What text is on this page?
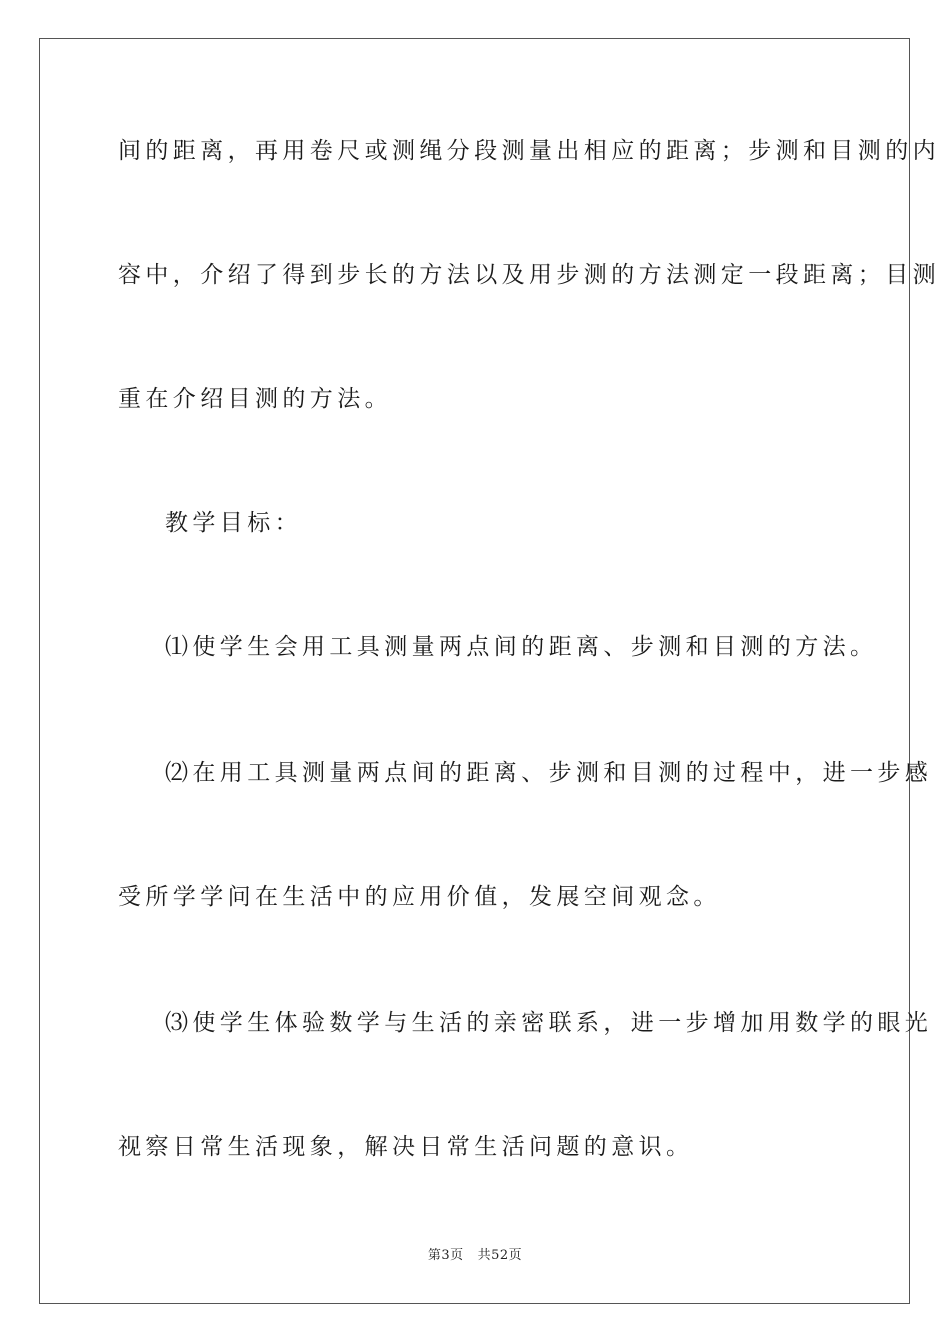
间的距离，再用卷尺或测绳分段测量出相应的距离；步测和目测的内
容中，介绍了得到步长的方法以及用步测的方法测定一段距离；目测
重在介绍目测的方法。
教学目标：
⑴使学生会用工具测量两点间的距离、步测和目测的方法。
⑵在用工具测量两点间的距离、步测和目测的过程中，进一步感
受所学学问在生活中的应用价值，发展空间观念。
⑶使学生体验数学与生活的亲密联系，进一步增加用数学的眼光
视察日常生活现象，解决日常生活问题的意识。
第3页 共52页
